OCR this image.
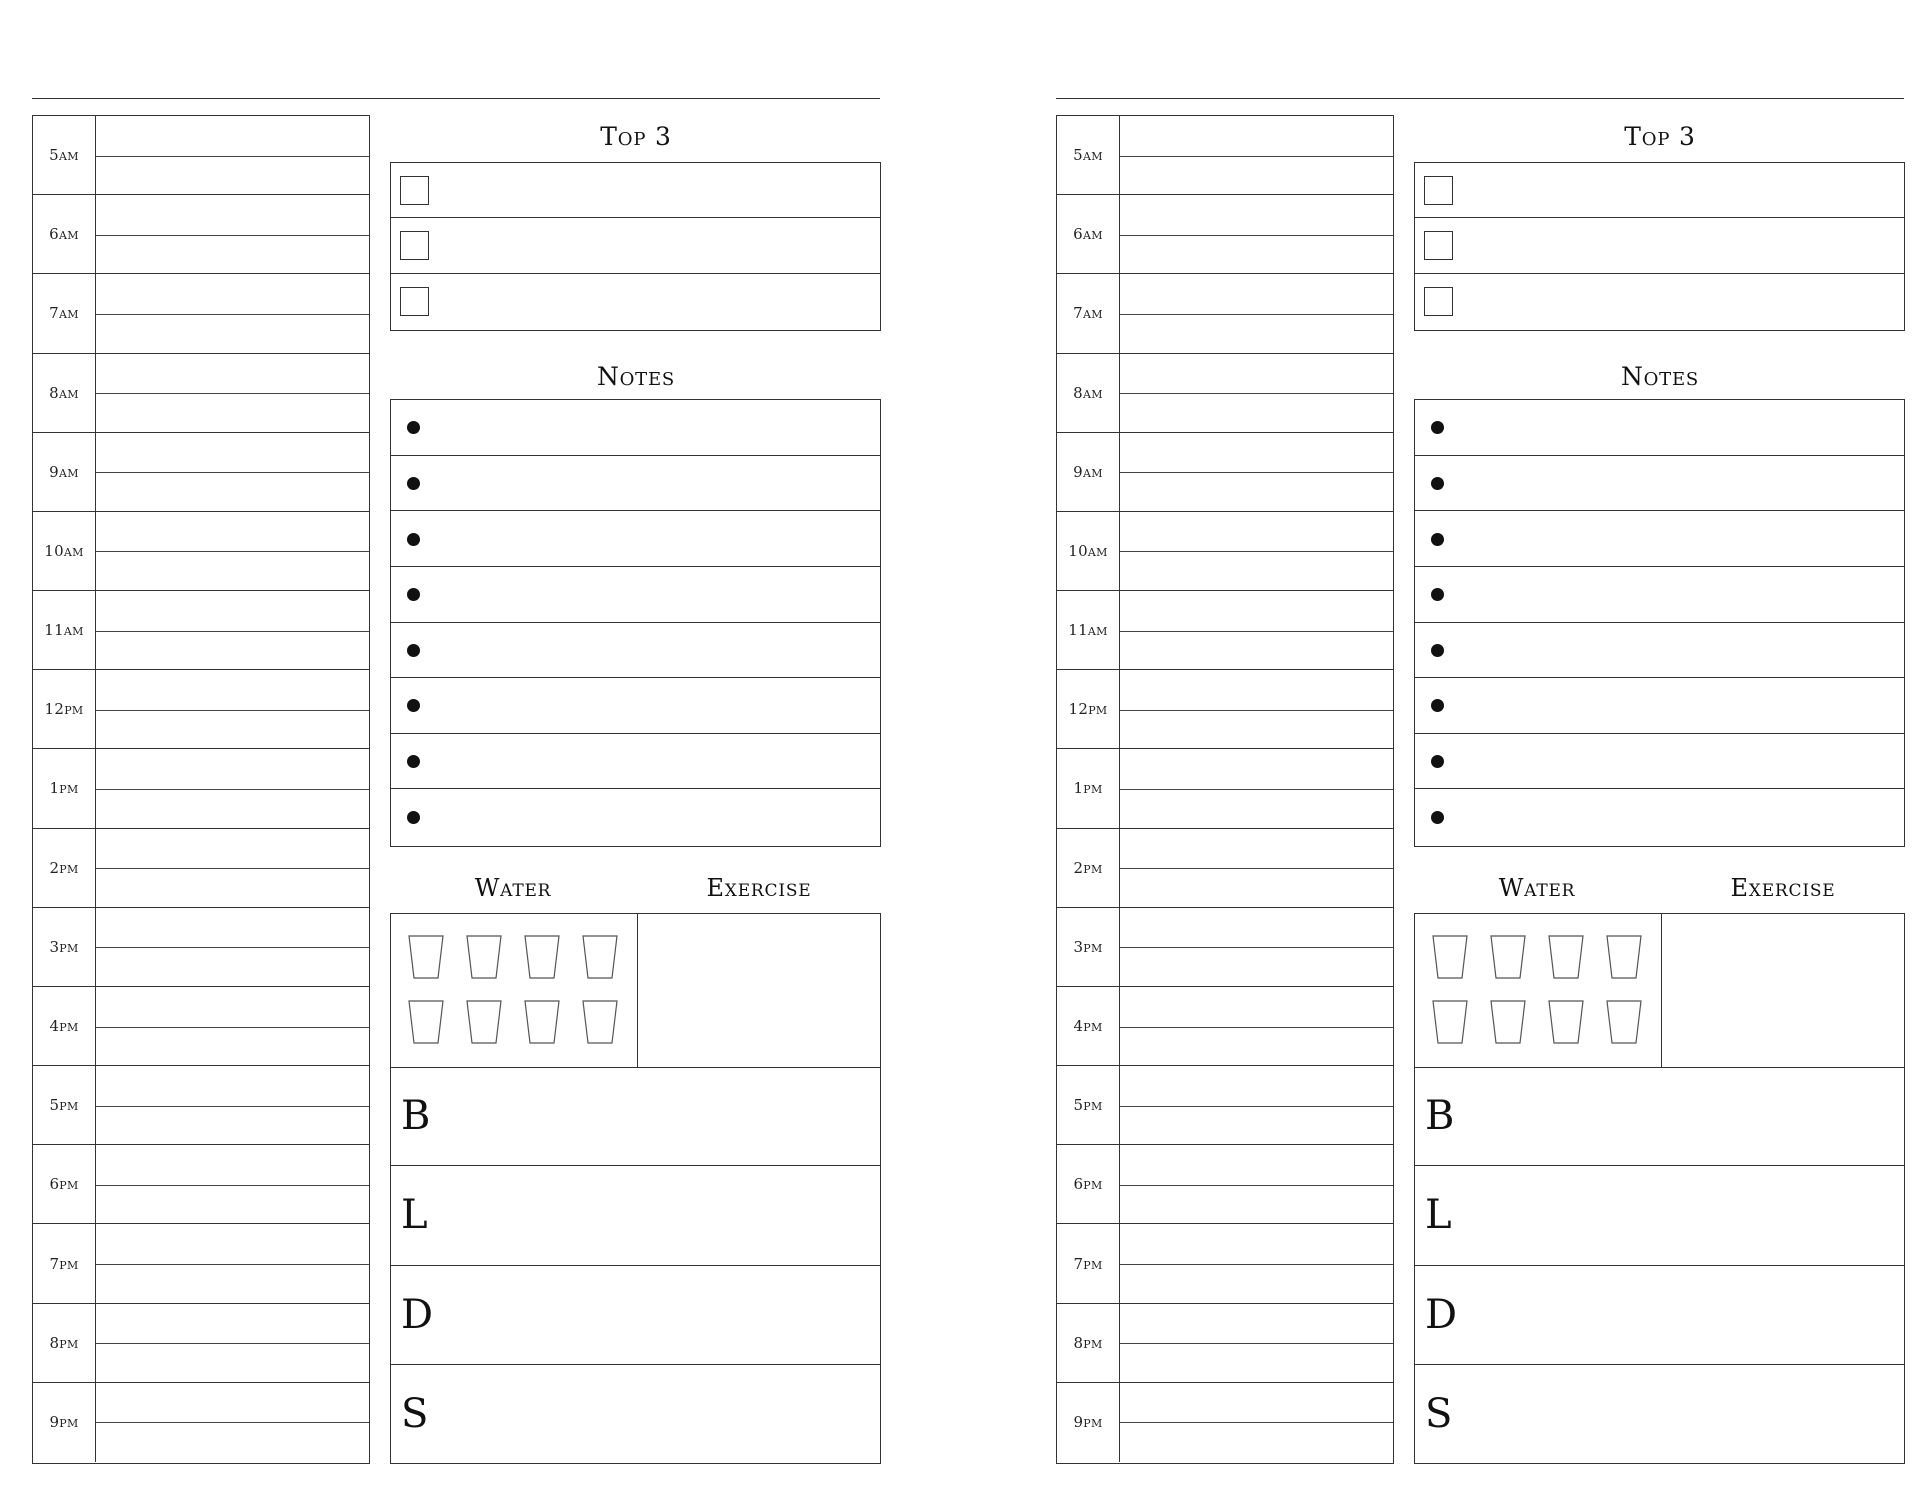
5am
6am
7am
8am
9am
10am
11am
12pm
1pm
2pm
3pm
4pm
5pm
6pm
7pm
8pm
9pm
Top 3
Notes
Water	Exercise
B
L
D
S
5am
6am
7am
8am
9am
10am
11am
12pm
1pm
2pm
3pm
4pm
5pm
6pm
7pm
8pm
9pm
Top 3
Notes
Water	Exercise
B
L
D
S
